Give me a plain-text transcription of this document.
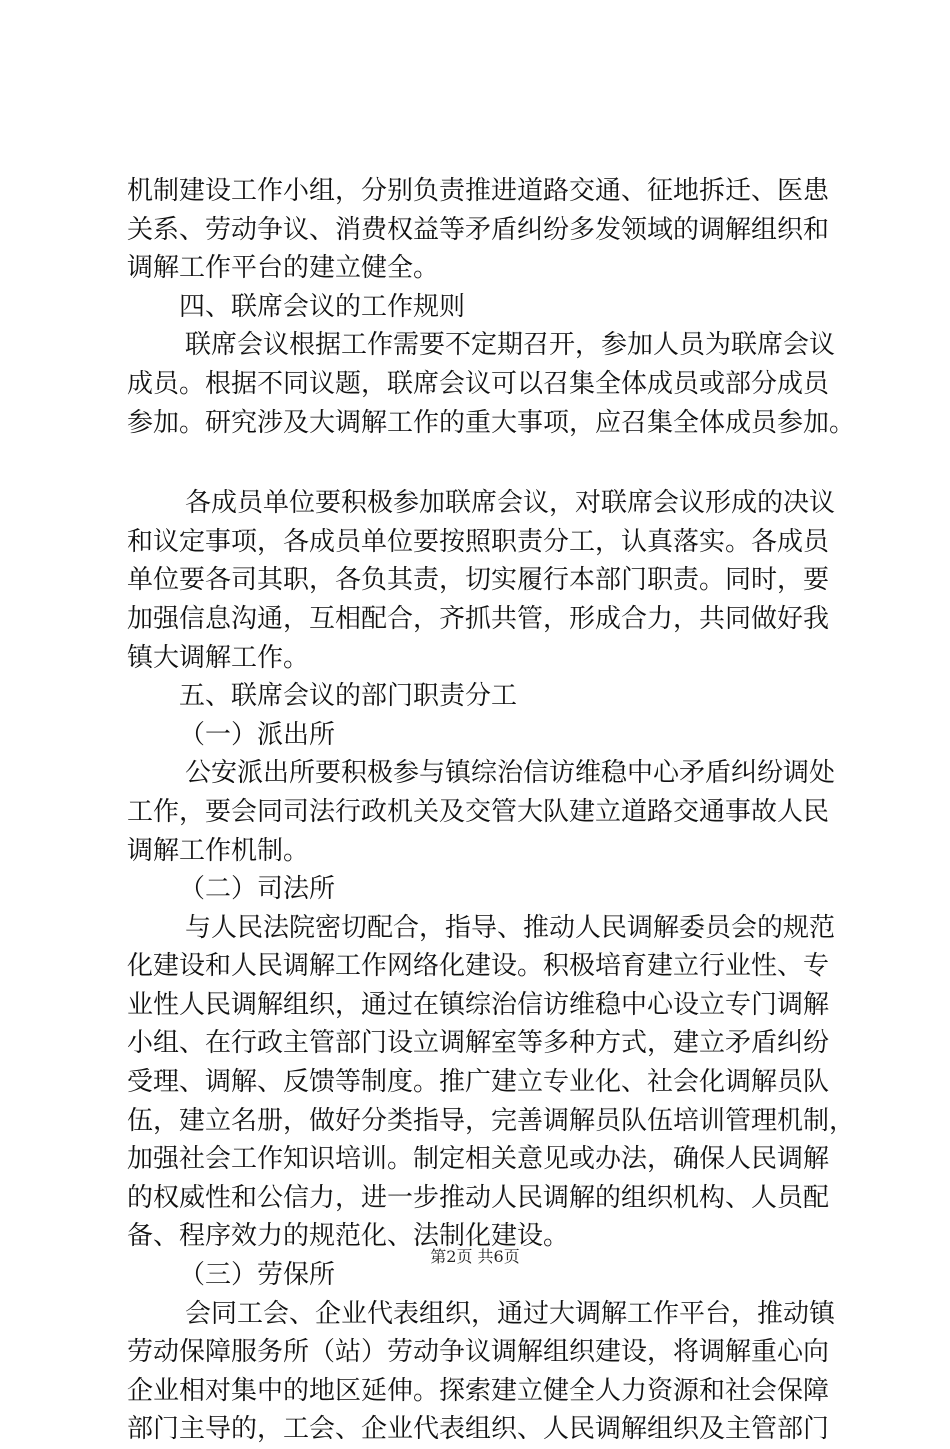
机制建设工作小组，分别负责推进道路交通、征地拆迁、医患
关系、劳动争议、消费权益等矛盾纠纷多发领域的调解组织和
调解工作平台的建立健全。
四、联席会议的工作规则
联席会议根据工作需要不定期召开，参加人员为联席会议
成员。根据不同议题，联席会议可以召集全体成员或部分成员
参加。研究涉及大调解工作的重大事项，应召集全体成员参加。
各成员单位要积极参加联席会议，对联席会议形成的决议
和议定事项，各成员单位要按照职责分工，认真落实。各成员
单位要各司其职，各负其责，切实履行本部门职责。同时，要
加强信息沟通，互相配合，齐抓共管，形成合力，共同做好我
镇大调解工作。
五、联席会议的部门职责分工
（一）派出所
公安派出所要积极参与镇综治信访维稳中心矛盾纠纷调处
工作，要会同司法行政机关及交管大队建立道路交通事故人民
调解工作机制。
（二）司法所
与人民法院密切配合，指导、推动人民调解委员会的规范
化建设和人民调解工作网络化建设。积极培育建立行业性、专
业性人民调解组织，通过在镇综治信访维稳中心设立专门调解
小组、在行政主管部门设立调解室等多种方式，建立矛盾纠纷
受理、调解、反馈等制度。推广建立专业化、社会化调解员队
伍，建立名册，做好分类指导，完善调解员队伍培训管理机制，
加强社会工作知识培训。制定相关意见或办法，确保人民调解
的权威性和公信力，进一步推动人民调解的组织机构、人员配
备、程序效力的规范化、法制化建设。
（三）劳保所
会同工会、企业代表组织，通过大调解工作平台，推动镇
劳动保障服务所（站）劳动争议调解组织建设，将调解重心向
企业相对集中的地区延伸。探索建立健全人力资源和社会保障
部门主导的，工会、企业代表组织、人民调解组织及主管部门
第2页 共6页
